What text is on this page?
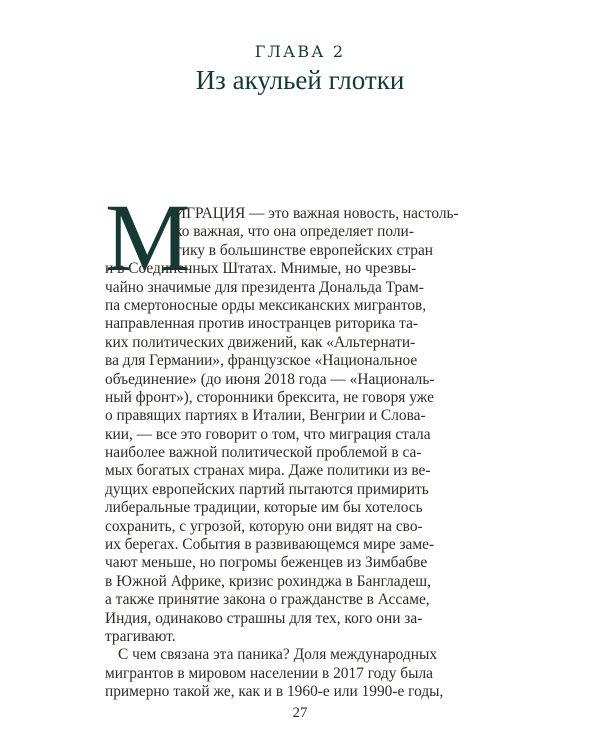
ГЛАВА 2
Из акульей глотки
М
ИГРАЦИЯ — это важная новость, настоль-
ко важная, что она определяет поли-
тику в большинстве европейских стран
и в Соединенных Штатах. Мнимые, но чрезвы-
чайно значимые для президента Дональда Трам-
па смертоносные орды мексиканских мигрантов,
направленная против иностранцев риторика та-
ких политических движений, как «Альтернати-
ва для Германии», французское «Национальное
объединение» (до июня 2018 года — «Националь-
ный фронт»), сторонники брексита, не говоря уже
о правящих партиях в Италии, Венгрии и Слова-
кии, — все это говорит о том, что миграция стала
наиболее важной политической проблемой в са-
мых богатых странах мира. Даже политики из ве-
дущих европейских партий пытаются примирить
либеральные традиции, которые им бы хотелось
сохранить, с угрозой, которую они видят на сво-
их берегах. События в развивающемся мире заме-
чают меньше, но погромы беженцев из Зимбабве
в Южной Африке, кризис рохинджа в Бангладеш,
а также принятие закона о гражданстве в Ассаме,
Индия, одинаково страшны для тех, кого они за-
трагивают.
С чем связана эта паника? Доля международных
мигрантов в мировом населении в 2017 году была
примерно такой же, как и в 1960-е или 1990-е годы,
27
